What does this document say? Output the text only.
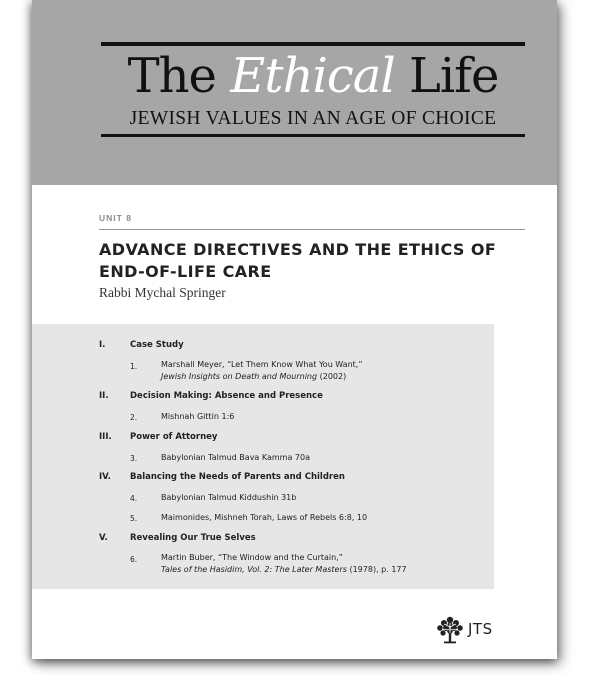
The Ethical Life
JEWISH VALUES IN AN AGE OF CHOICE
UNIT 8
ADVANCE DIRECTIVES AND THE ETHICS OF
END-OF-LIFE CARE
Rabbi Mychal Springer
I.	Case Study
1.	Marshall Meyer, “Let Them Know What You Want,”
Jewish Insights on Death and Mourning (2002)
II.	Decision Making: Absence and Presence
2.	Mishnah Gittin 1:6
III. Power of Attorney
3.	Babylonian Talmud Bava Kamma 70a
IV. Balancing the Needs of Parents and Children
4.	Babylonian Talmud Kiddushin 31b
5.	Maimonides, Mishneh Torah, Laws of Rebels 6:8, 10
V.	Revealing Our True Selves
6.	Martin Buber, “The Window and the Curtain,”
Tales of the Hasidim, Vol. 2: The Later Masters (1978), p. 177
JTS
